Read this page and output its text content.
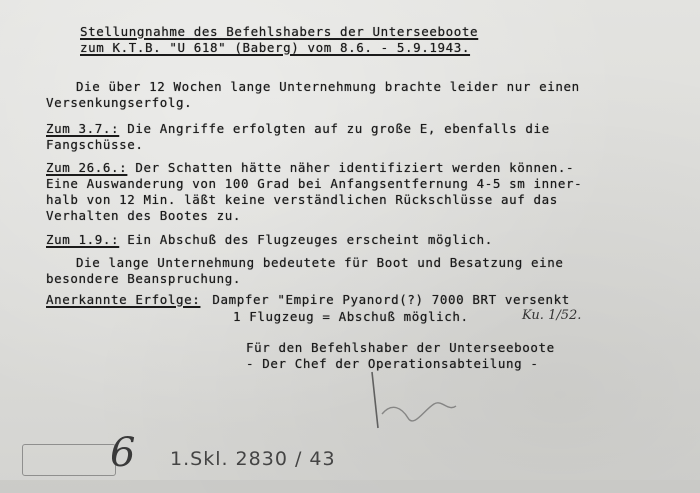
Stellungnahme des Befehlshabers der Unterseeboote
zum K.T.B. "U 618" (Baberg) vom 8.6. - 5.9.1943.
Die über 12 Wochen lange Unternehmung brachte leider nur einen
Versenkungserfolg.
Zum 3.7.: Die Angriffe erfolgten auf zu große E, ebenfalls die
Fangschüsse.
Zum 26.6.: Der Schatten hätte näher identifiziert werden können.-
Eine Auswanderung von 100 Grad bei Anfangsentfernung 4-5 sm inner-
halb von 12 Min. läßt keine verständlichen Rückschlüsse auf das
Verhalten des Bootes zu.
Zum 1.9.: Ein Abschuß des Flugzeuges erscheint möglich.
Die lange Unternehmung bedeutete für Boot und Besatzung eine
besondere Beanspruchung.
Anerkannte Erfolge: Dampfer "Empire Pyanord(?) 7000 BRT versenkt
1 Flugzeug = Abschuß möglich.	Ku. 1/52.
Für den Befehlshaber der Unterseeboote
- Der Chef der Operationsabteilung -
6 1.Skl. 2830 / 43
